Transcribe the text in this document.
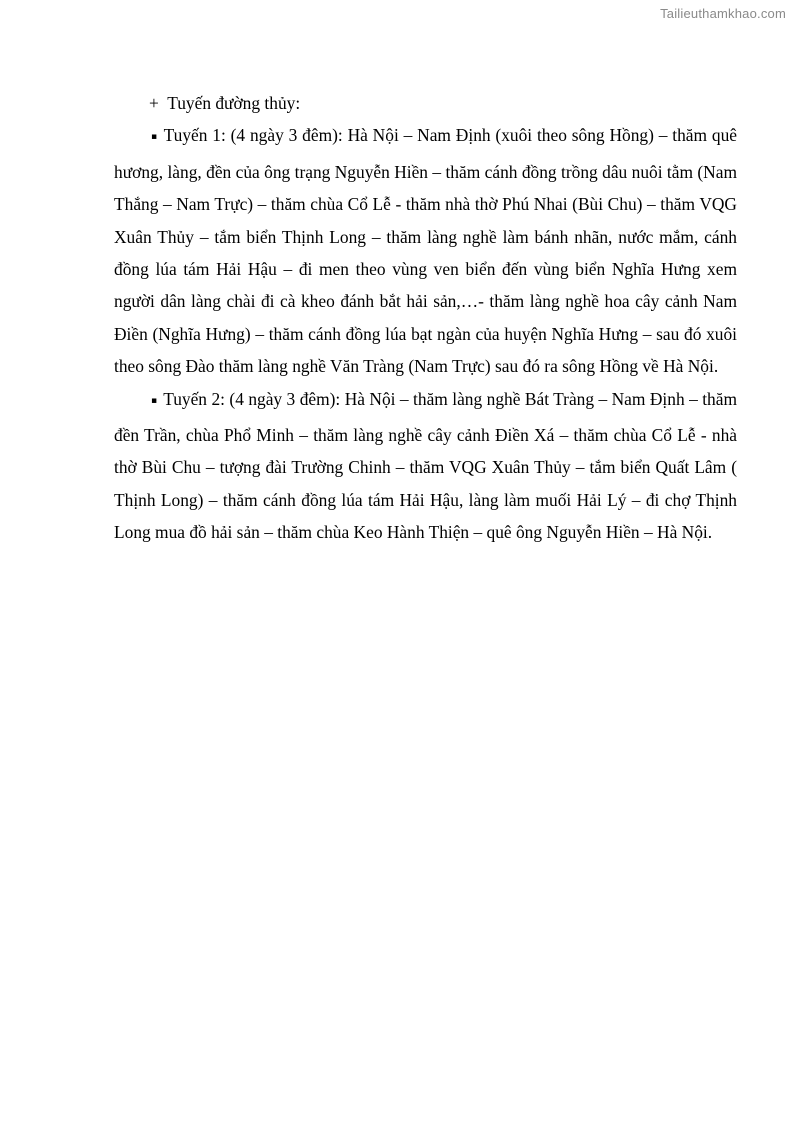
Tailieuthamkhao.com

+ Tuyến đường thủy:

▪ Tuyến 1: (4 ngày 3 đêm): Hà Nội – Nam Định (xuôi theo sông Hồng) – thăm quê hương, làng, đền của ông trạng Nguyễn Hiền – thăm cánh đồng trồng dâu nuôi tằm (Nam Thắng – Nam Trực) – thăm chùa Cổ Lễ - thăm nhà thờ Phú Nhai (Bùi Chu) – thăm VQG Xuân Thủy – tắm biển Thịnh Long – thăm làng nghề làm bánh nhãn, nước mắm, cánh đồng lúa tám Hải Hậu – đi men theo vùng ven biển đến vùng biển Nghĩa Hưng xem người dân làng chài đi cà kheo đánh bắt hải sản,…- thăm làng nghề hoa cây cảnh Nam Điền (Nghĩa Hưng) – thăm cánh đồng lúa bạt ngàn của huyện Nghĩa Hưng – sau đó xuôi theo sông Đào thăm làng nghề Văn Tràng (Nam Trực) sau đó ra sông Hồng về Hà Nội.

▪ Tuyến 2: (4 ngày 3 đêm): Hà Nội – thăm làng nghề Bát Tràng – Nam Định – thăm đền Trần, chùa Phổ Minh – thăm làng nghề cây cảnh Điền Xá – thăm chùa Cổ Lễ - nhà thờ Bùi Chu – tượng đài Trường Chinh – thăm VQG Xuân Thủy – tắm biển Quất Lâm ( Thịnh Long) – thăm cánh đồng lúa tám Hải Hậu, làng làm muối Hải Lý – đi chợ Thịnh Long mua đồ hải sản – thăm chùa Keo Hành Thiện – quê ông Nguyễn Hiền – Hà Nội.
